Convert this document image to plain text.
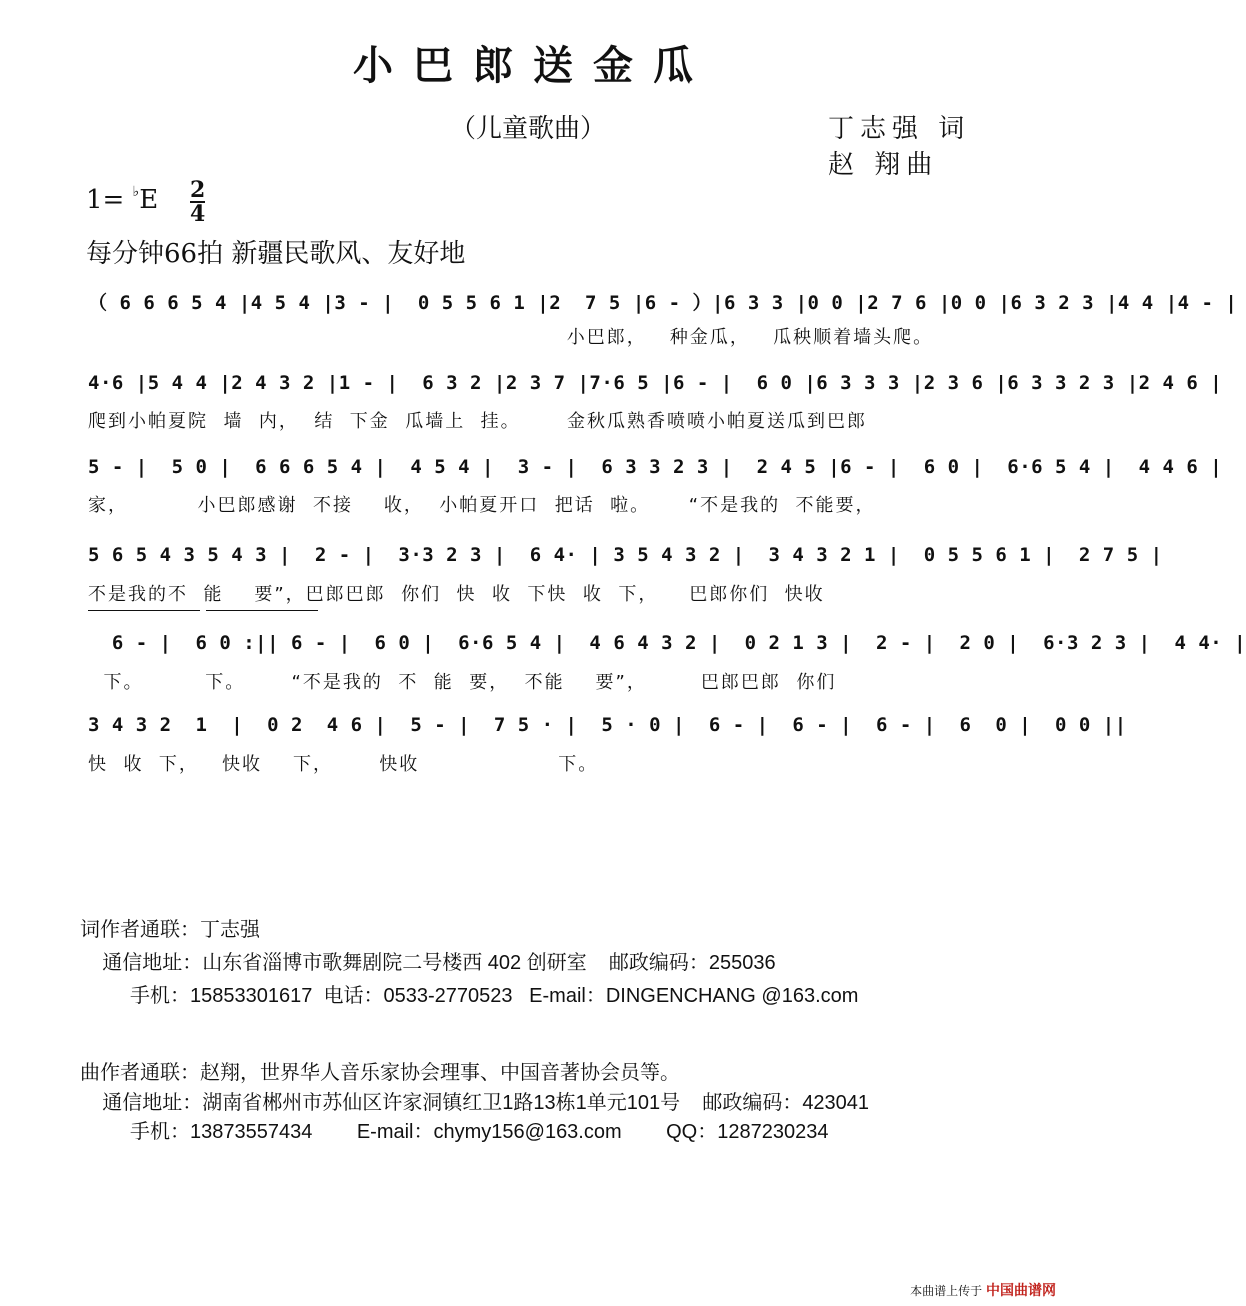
小巴郎送金瓜
（儿童歌曲）	丁志强 词
赵 翔曲
1= ♭E 2
4
每分钟66拍 新疆民歌风、友好地
（ 6 6 6 5 4 |4 5 4 |3 - |  0 5 5 6 1 |2  7 5 |6 - ）|6 3 3 |0 0 |2 7 6 |0 0 |6 3 2 3 |4 4 |4 - |
小巴郎，   种金瓜，   瓜秧顺着墙头爬。
4·6 |5 4 4 |2 4 3 2 |1 - |  6 3 2 |2 3 7 |7·6 5 |6 - |  6 0 |6 3 3 3 |2 3 6 |6 3 3 2 3 |2 4 6 |
爬到小帕夏院  墙  内，  结  下金  瓜墙上  挂。      金秋瓜熟香喷喷小帕夏送瓜到巴郎
5 - |  5 0 |  6 6 6 5 4 |  4 5 4 |  3 - |  6 3 3 2 3 |  2 4 5 |6 - |  6 0 |  6·6 5 4 |  4 4 6 |
家，         小巴郎感谢  不接    收，  小帕夏开口  把话  啦。     “不是我的  不能要，
5 6 5 4 3 5 4 3 |  2 - |  3·3 2 3 |  6 4· | 3 5 4 3 2 |  3 4 3 2 1 |  0 5 5 6 1 |  2 7 5 |
不是我的不  能    要”，巴郎巴郎  你们  快  收  下快  收  下，    巴郎你们  快收
6 - |  6 0 :|| 6 - |  6 0 |  6·6 5 4 |  4 6 4 3 2 |  0 2 1 3 |  2 - |  2 0 |  6·3 2 3 |  4 4· |
下。        下。      “不是我的  不  能  要，  不能    要”，       巴郎巴郎  你们
3 4 3 2  1  |  0 2  4 6 |  5 - |  7 5 · |  5 · 0 |  6 - |  6 - |  6 - |  6  0 |  0 0 ||
快  收  下，   快收    下，      快收                  下。
词作者通联：丁志强
通信地址：山东省淄博市歌舞剧院二号楼西 402 创研室    邮政编码：255036
手机：15853301617  电话：0533-2770523   E-mail：DINGENCHANG @163.com
曲作者通联：赵翔，世界华人音乐家协会理事、中国音著协会员等。
通信地址：湖南省郴州市苏仙区许家洞镇红卫1路13栋1单元101号    邮政编码：423041
手机：13873557434        E-mail：chymy156@163.com        QQ：1287230234
本曲谱上传于 中国曲谱网
